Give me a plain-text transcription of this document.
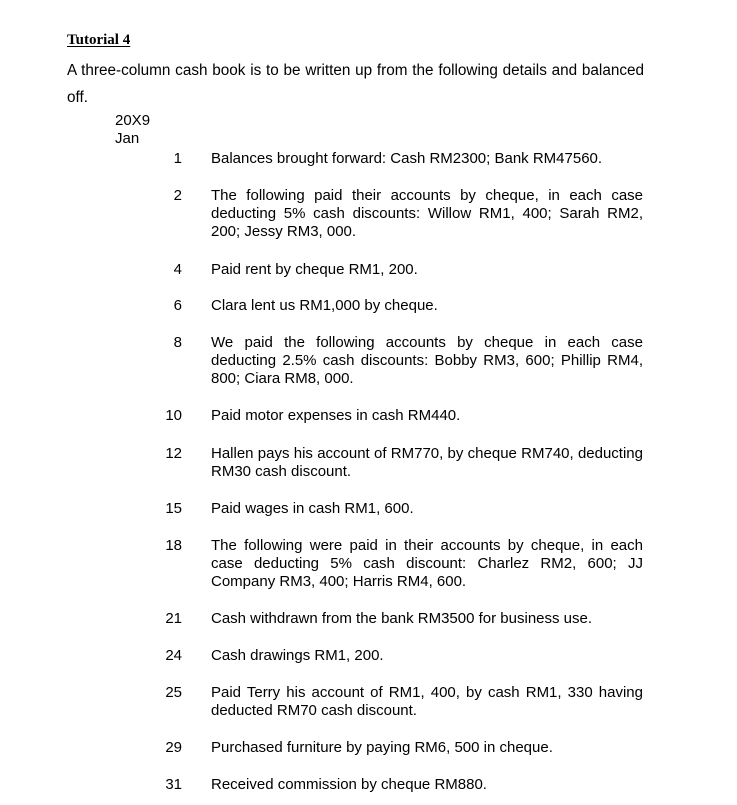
Tutorial 4
A three-column cash book is to be written up from the following details and balanced off.
20X9
Jan
1 Balances brought forward: Cash RM2300; Bank RM47560.
2 The following paid their accounts by cheque, in each case deducting 5% cash discounts: Willow RM1, 400; Sarah RM2, 200; Jessy RM3, 000.
4 Paid rent by cheque RM1, 200.
6 Clara lent us RM1,000 by cheque.
8 We paid the following accounts by cheque in each case deducting 2.5% cash discounts: Bobby RM3, 600; Phillip RM4, 800; Ciara RM8, 000.
10 Paid motor expenses in cash RM440.
12 Hallen pays his account of RM770, by cheque RM740, deducting RM30 cash discount.
15 Paid wages in cash RM1, 600.
18 The following were paid in their accounts by cheque, in each case deducting 5% cash discount: Charlez RM2, 600; JJ Company RM3, 400; Harris RM4, 600.
21 Cash withdrawn from the bank RM3500 for business use.
24 Cash drawings RM1, 200.
25 Paid Terry his account of RM1, 400, by cash RM1, 330 having deducted RM70 cash discount.
29 Purchased furniture by paying RM6, 500 in cheque.
31 Received commission by cheque RM880.
